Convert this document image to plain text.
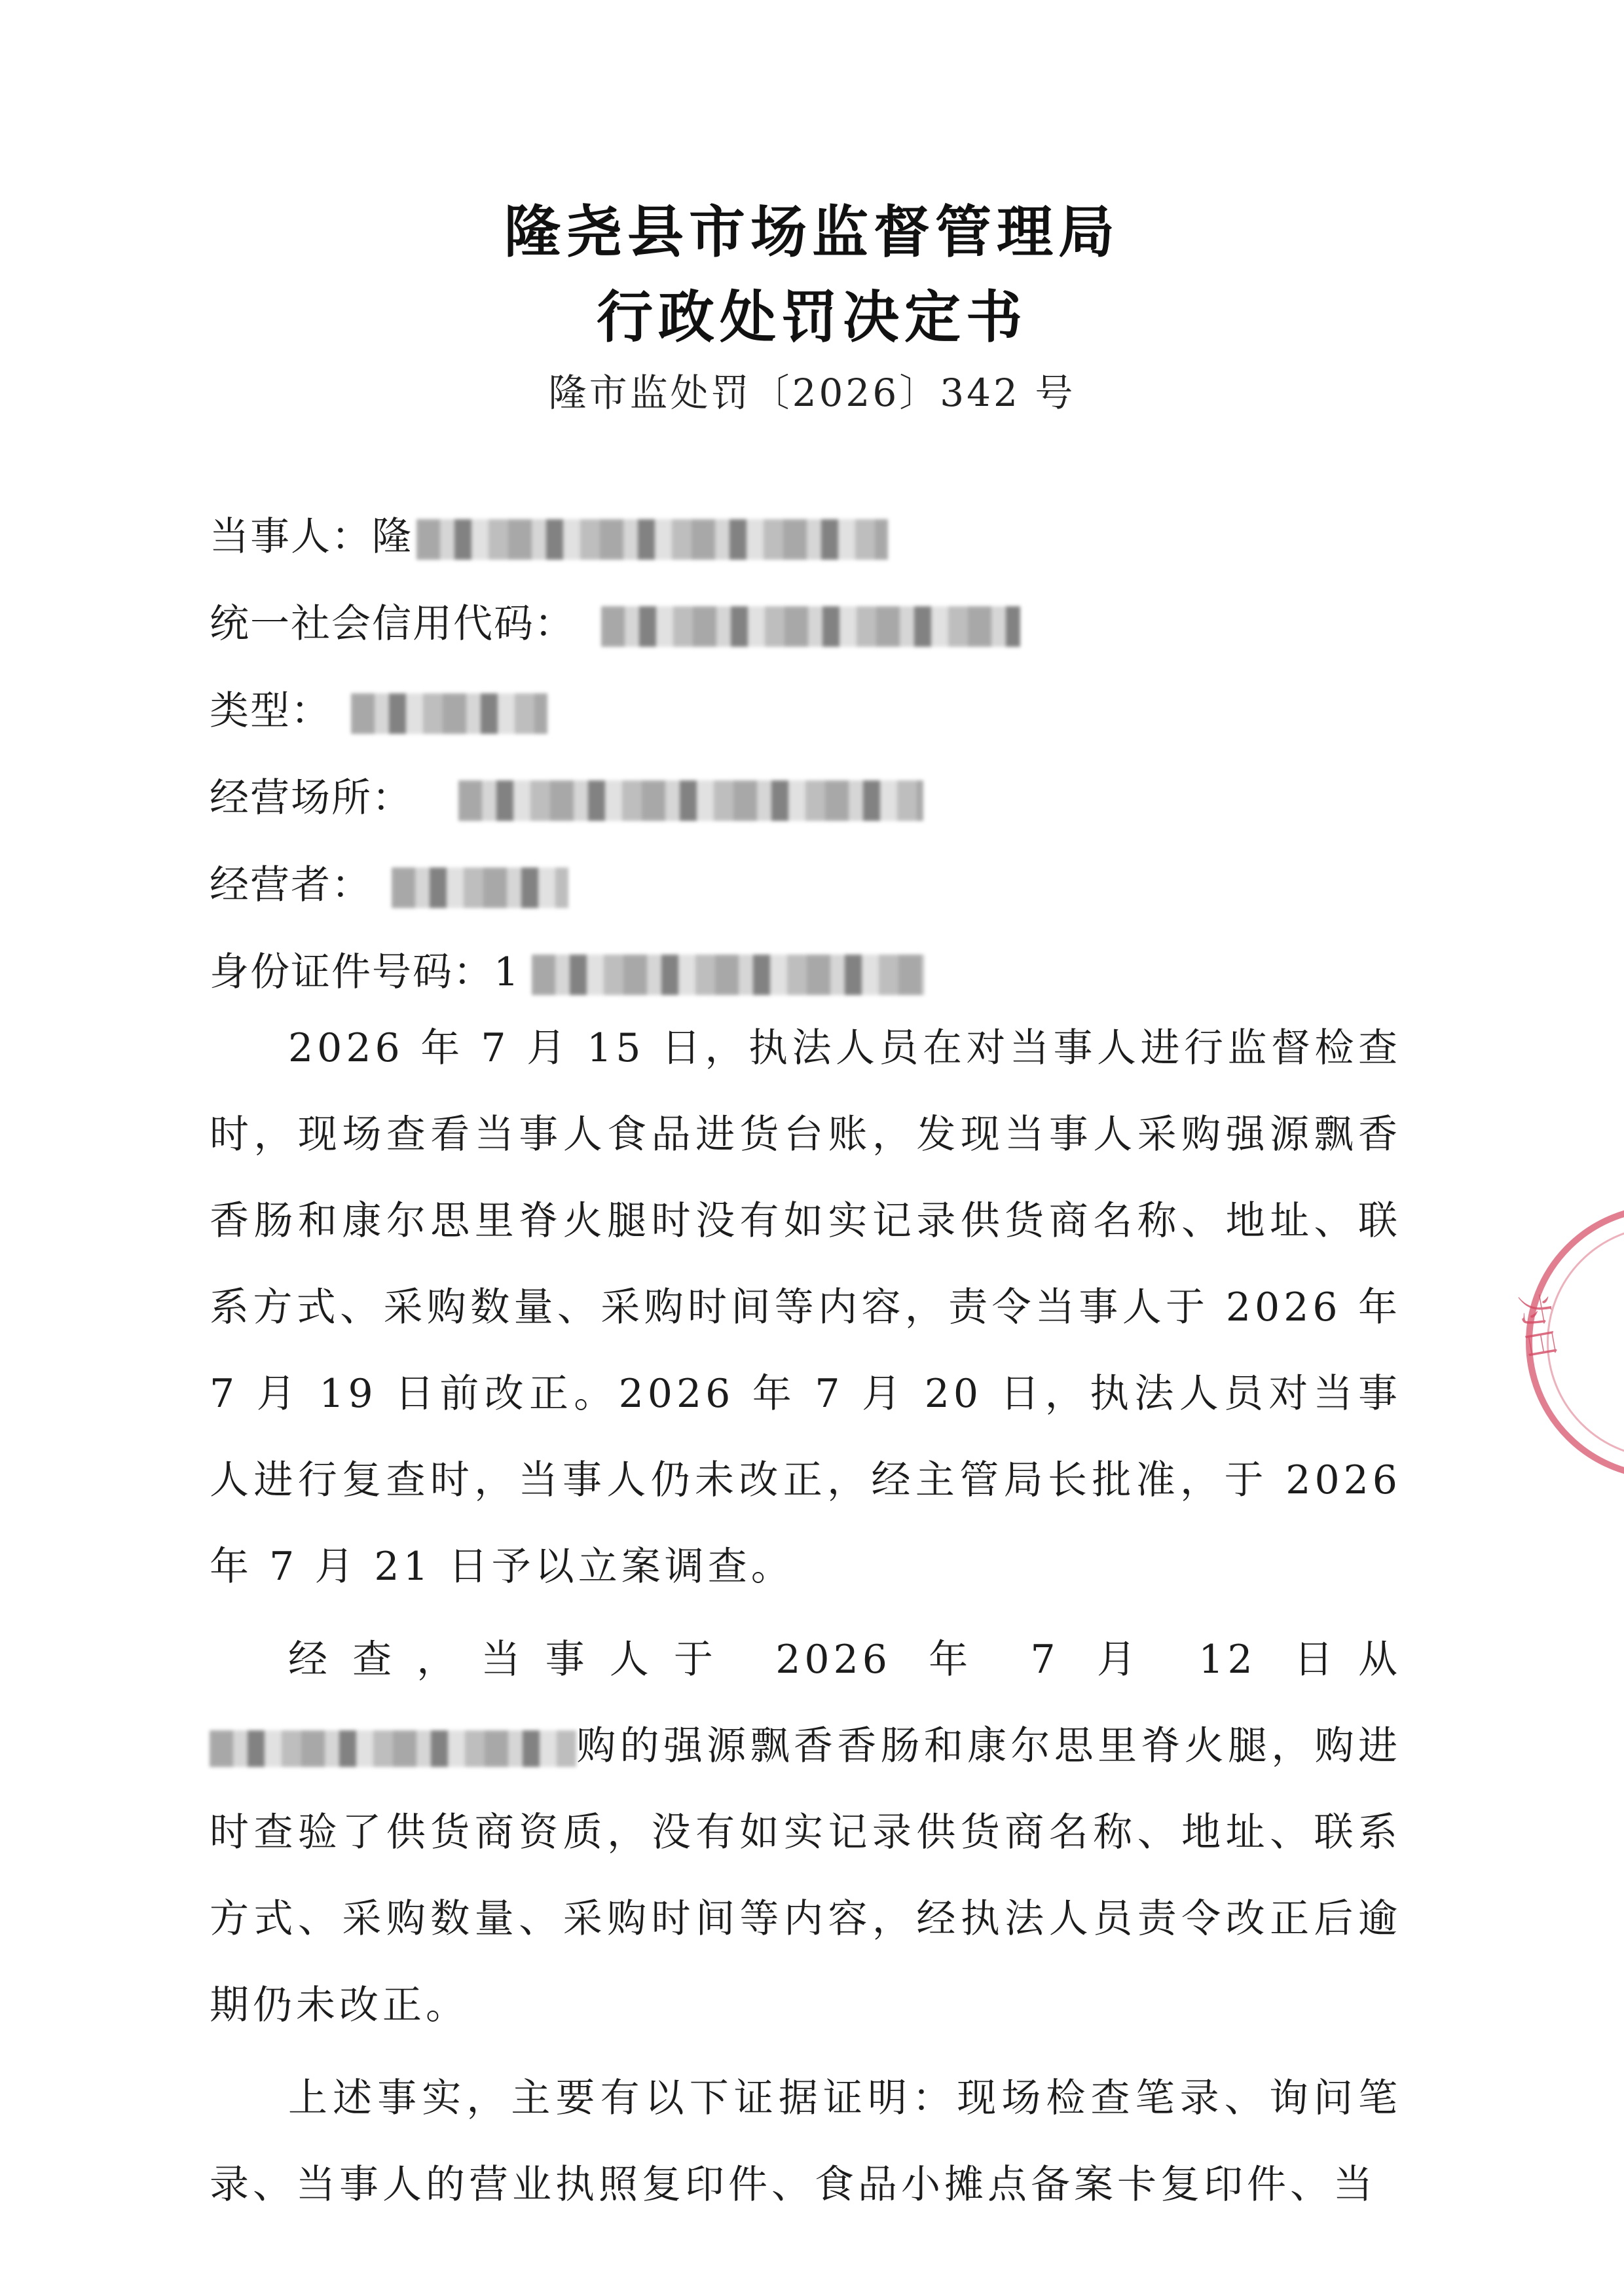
隆尧县市场监督管理局
行政处罚决定书
隆市监处罚〔2026〕342 号
当事人：隆
统一社会信用代码：
类型：
经营场所：
经营者：
身份证件号码：1

2026 年 7 月 15 日，执法人员在对当事人进行监督检查时，现场查看当事人食品进货台账，发现当事人采购强源飘香香肠和康尔思里脊火腿时没有如实记录供货商名称、地址、联系方式、采购数量、采购时间等内容，责令当事人于 2026 年 7 月 19 日前改正。2026 年 7 月 20 日，执法人员对当事人进行复查时，当事人仍未改正，经主管局长批准，于 2026 年 7 月 21 日予以立案调查。

经查，当事人于 2026 年 7 月 12 日从购的强源飘香香肠和康尔思里脊火腿，购进时查验了供货商资质，没有如实记录供货商名称、地址、联系方式、采购数量、采购时间等内容，经执法人员责令改正后逾期仍未改正。

上述事实，主要有以下证据证明：现场检查笔录、询问笔录、当事人的营业执照复印件、食品小摊点备案卡复印件、当

为日
